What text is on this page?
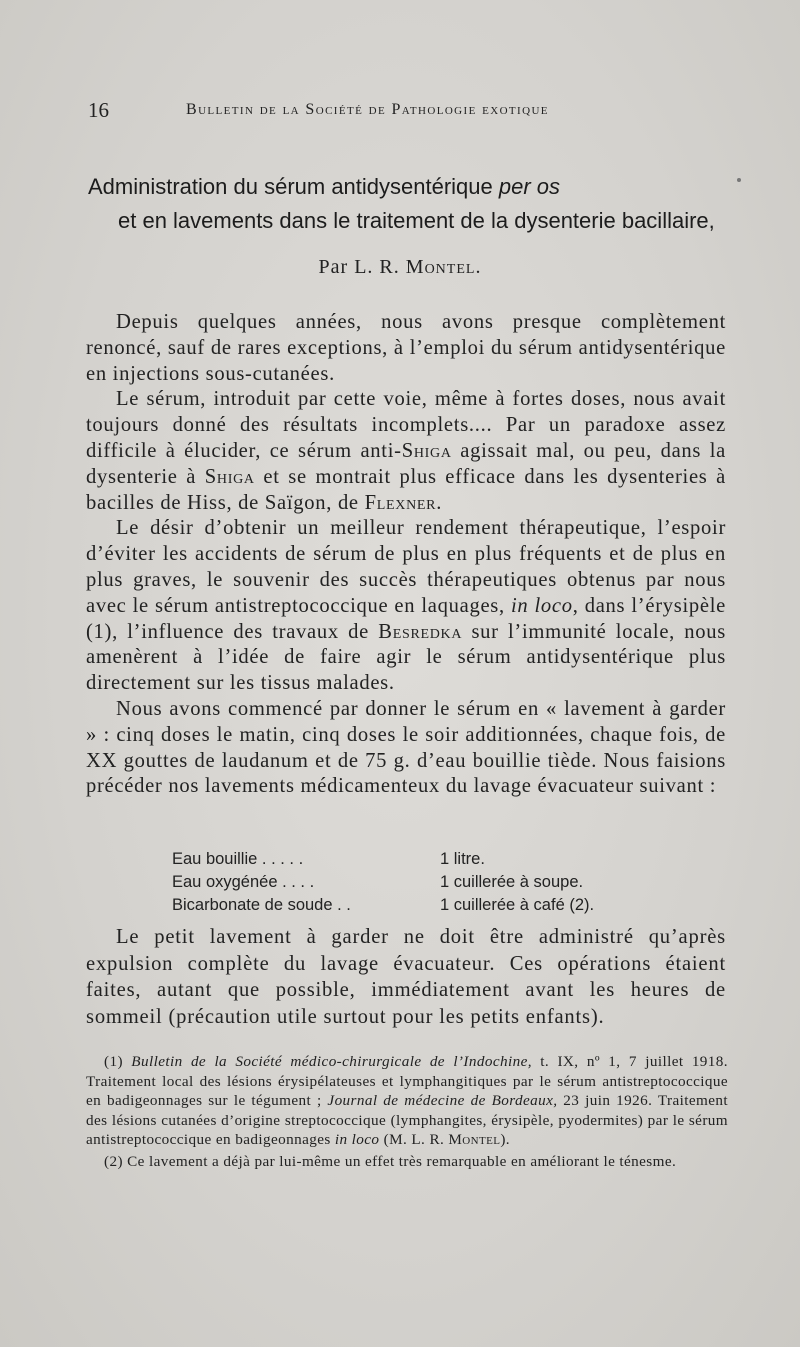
16	Bulletin de la Société de Pathologie exotique
Administration du sérum antidysentérique per os
et en lavements dans le traitement de la dysenterie bacillaire,
Par L. R. Montel.

Depuis quelques années, nous avons presque complètement renoncé, sauf de rares exceptions, à l’emploi du sérum antidysentérique en injections sous-cutanées.

Le sérum, introduit par cette voie, même à fortes doses, nous avait toujours donné des résultats incomplets.... Par un paradoxe assez difficile à élucider, ce sérum anti-Shiga agissait mal, ou peu, dans la dysenterie à Shiga et se montrait plus efficace dans les dysenteries à bacilles de Hiss, de Saïgon, de Flexner.

Le désir d’obtenir un meilleur rendement thérapeutique, l’espoir d’éviter les accidents de sérum de plus en plus fréquents et de plus en plus graves, le souvenir des succès thérapeutiques obtenus par nous avec le sérum antistreptococcique en laquages, in loco, dans l’érysipèle (1), l’influence des travaux de Besredka sur l’immunité locale, nous amenèrent à l’idée de faire agir le sérum antidysentérique plus directement sur les tissus malades.

Nous avons commencé par donner le sérum en « lavement à garder » : cinq doses le matin, cinq doses le soir additionnées, chaque fois, de XX gouttes de laudanum et de 75 g. d’eau bouillie tiède. Nous faisions précéder nos lavements médicamenteux du lavage évacuateur suivant :

Eau bouillie . . . . .	1 litre.
Eau oxygénée . . . .	1 cuillerée à soupe.
Bicarbonate de soude . .	1 cuillerée à café (2).

Le petit lavement à garder ne doit être administré qu’après expulsion complète du lavage évacuateur. Ces opérations étaient faites, autant que possible, immédiatement avant les heures de sommeil (précaution utile surtout pour les petits enfants).

(1) Bulletin de la Société médico-chirurgicale de l’Indochine, t. IX, nº 1, 7 juillet 1918. Traitement local des lésions érysipélateuses et lymphangitiques par le sérum antistreptococcique en badigeonnages sur le tégument ; Journal de médecine de Bordeaux, 23 juin 1926. Traitement des lésions cutanées d’origine streptococcique (lymphangites, érysipèle, pyodermites) par le sérum antistreptococcique en badigeonnages in loco (M. L. R. Montel).

(2) Ce lavement a déjà par lui-même un effet très remarquable en améliorant le ténesme.
